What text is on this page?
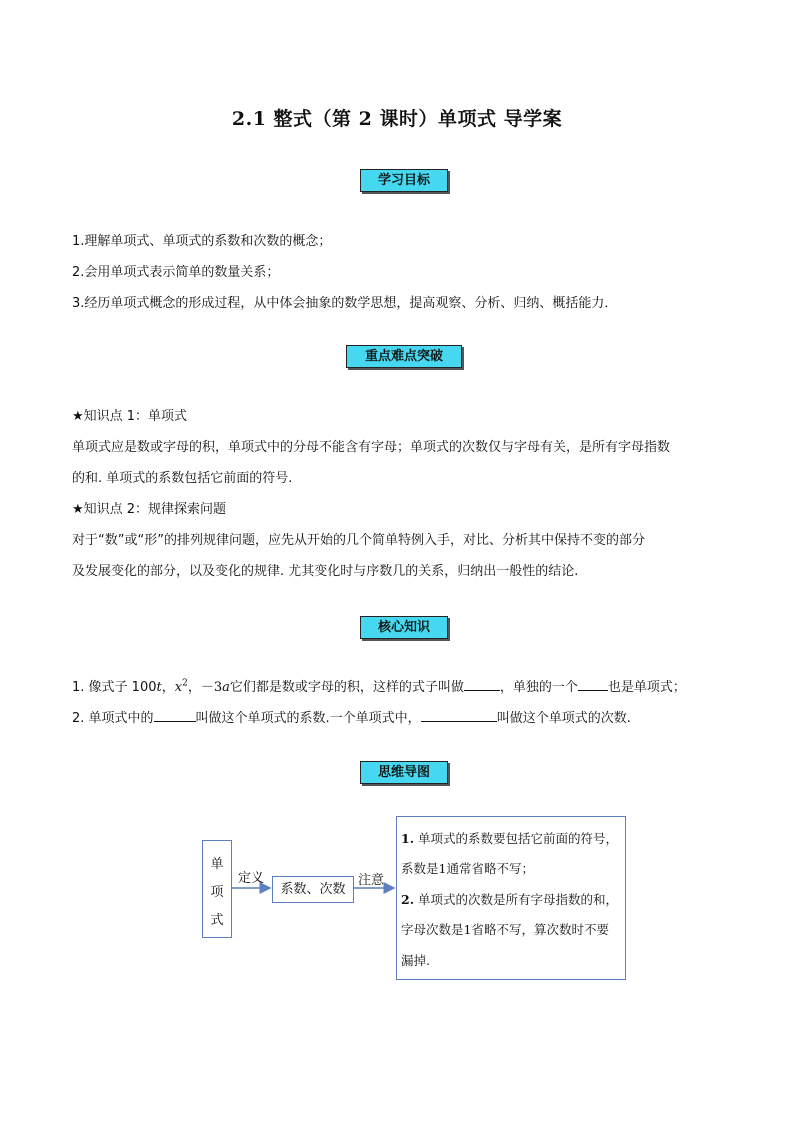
2.1 整式（第 2 课时）单项式 导学案
学习目标
1.理解单项式、单项式的系数和次数的概念；
2.会用单项式表示简单的数量关系；
3.经历单项式概念的形成过程，从中体会抽象的数学思想，提高观察、分析、归纳、概括能力．
重点难点突破
★知识点 1：单项式
单项式应是数或字母的积，单项式中的分母不能含有字母；单项式的次数仅与字母有关，是所有字母指数
的和. 单项式的系数包括它前面的符号.
★知识点 2：规律探索问题
对于“数”或“形”的排列规律问题，应先从开始的几个简单特例入手，对比、分析其中保持不变的部分
及发展变化的部分，以及变化的规律. 尤其变化时与序数几的关系，归纳出一般性的结论.
核心知识
1. 像式子 100t，$x^2$，－3a它们都是数或字母的积，这样的式子叫做	，单独的一个 也是单项式；
2. 单项式中的	叫做这个单项式的系数.一个单项式中，	叫做这个单项式的次数.
思维导图
单
项
式
定义
系数、次数
注意
1. 单项式的系数要包括它前面的符号，
系数是1通常省略不写；
2. 单项式的次数是所有字母指数的和，
字母次数是1省略不写，算次数时不要
漏掉.
